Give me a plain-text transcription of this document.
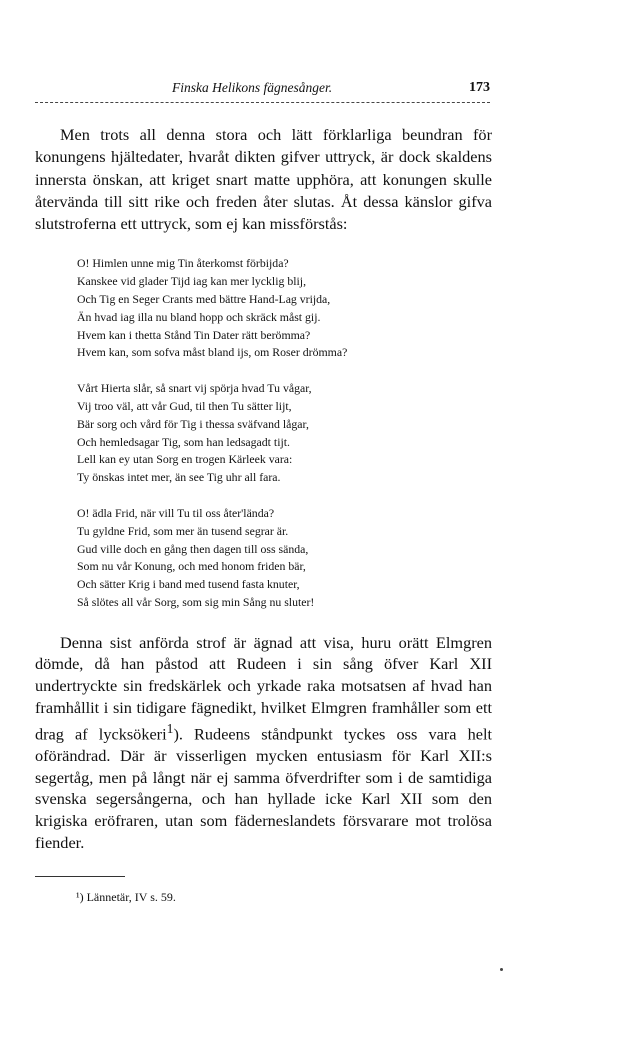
Finska Helikons fägnesånger.	173

Men trots all denna stora och lätt förklarliga beundran för konungens hjältedater, hvaråt dikten gifver uttryck, är dock skaldens innersta önskan, att kriget snart matte upphöra, att konungen skulle återvända till sitt rike och freden åter slutas. Åt dessa känslor gifva slutstroferna ett uttryck, som ej kan missförstås:

O! Himlen unne mig Tin återkomst förbijda?
Kanskee vid glader Tijd iag kan mer lycklig blij,
Och Tig en Seger Crants med bättre Hand-Lag vrijda,
Än hvad iag illa nu bland hopp och skräck måst gij.
Hvem kan i thetta Stånd Tin Dater rätt berömma?
Hvem kan, som sofva måst bland ijs, om Roser drömma?
Vårt Hierta slår, så snart vij spörja hvad Tu vågar,
Vij troo väl, att vår Gud, til then Tu sätter lijt,
Bär sorg och vård för Tig i thessa sväfvand lågar,
Och hemledsagar Tig, som han ledsagadt tijt.
Lell kan ey utan Sorg en trogen Kärleek vara:
Ty önskas intet mer, än see Tig uhr all fara.
O! ädla Frid, när vill Tu til oss åter'lända?
Tu gyldne Frid, som mer än tusend segrar är.
Gud ville doch en gång then dagen till oss sända,
Som nu vår Konung, och med honom friden bär,
Och sätter Krig i band med tusend fasta knuter,
Så slötes all vår Sorg, som sig min Sång nu sluter!

Denna sist anförda strof är ägnad att visa, huru orätt Elmgren dömde, då han påstod att Rudeen i sin sång öfver Karl XII undertryckte sin fredskärlek och yrkade raka motsatsen af hvad han framhållit i sin tidigare fägnedikt, hvilket Elmgren framhåller som ett drag af lycksökeri$^1$). Rudeens ståndpunkt tyckes oss vara helt oförändrad. Där är visserligen mycken entusiasm för Karl XII:s segertåg, men på långt när ej samma öfverdrifter som i de samtidiga svenska segersångerna, och han hyllade icke Karl XII som den krigiska eröfraren, utan som fäderneslandets försvarare mot trolösa fiender.

¹) Lännetär, IV s. 59.
